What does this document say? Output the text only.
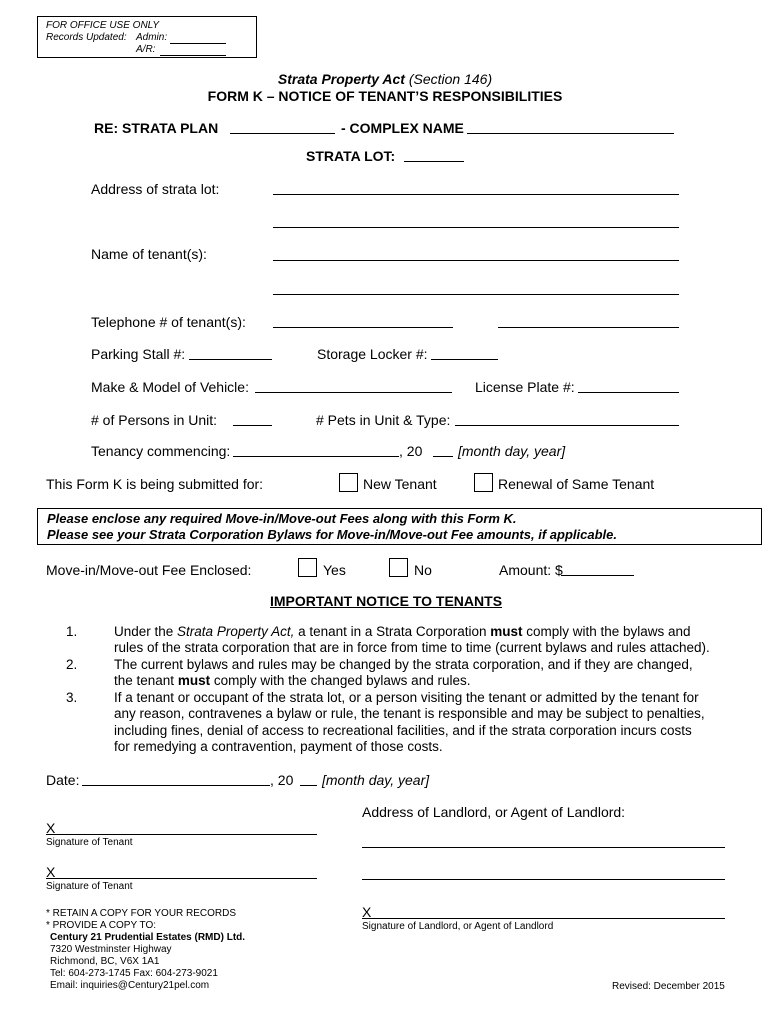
FOR OFFICE USE ONLY
Records Updated: Admin:
A/R:
Strata Property Act (Section 146)
FORM K – NOTICE OF TENANT’S RESPONSIBILITIES
RE: STRATA PLAN	- COMPLEX NAME
STRATA LOT:
Address of strata lot:
Name of tenant(s):
Telephone # of tenant(s):
Parking Stall #:	Storage Locker #:
Make & Model of Vehicle:	License Plate #:
# of Persons in Unit:	# Pets in Unit & Type:
Tenancy commencing:	, 20	[month day, year]
This Form K is being submitted for:	New Tenant	Renewal of Same Tenant
Please enclose any required Move-in/Move-out Fees along with this Form K.
Please see your Strata Corporation Bylaws for Move-in/Move-out Fee amounts, if applicable.
Move-in/Move-out Fee Enclosed:	Yes	No	Amount: $
IMPORTANT NOTICE TO TENANTS
1.	Under the Strata Property Act, a tenant in a Strata Corporation must comply with the bylaws and
rules of the strata corporation that are in force from time to time (current bylaws and rules attached).
2.	The current bylaws and rules may be changed by the strata corporation, and if they are changed,
the tenant must comply with the changed bylaws and rules.
3.	If a tenant or occupant of the strata lot, or a person visiting the tenant or admitted by the tenant for
any reason, contravenes a bylaw or rule, the tenant is responsible and may be subject to penalties,
including fines, denial of access to recreational facilities, and if the strata corporation incurs costs
for remedying a contravention, payment of those costs.
Date:	, 20 [month day, year]
Address of Landlord, or Agent of Landlord:
X
Signature of Tenant
X
Signature of Tenant
X
Signature of Landlord, or Agent of Landlord
* RETAIN A COPY FOR YOUR RECORDS
* PROVIDE A COPY TO:
Century 21 Prudential Estates (RMD) Ltd.
7320 Westminster Highway
Richmond, BC, V6X 1A1
Tel: 604-273-1745 Fax: 604-273-9021
Email: inquiries@Century21pel.com	Revised: December 2015
